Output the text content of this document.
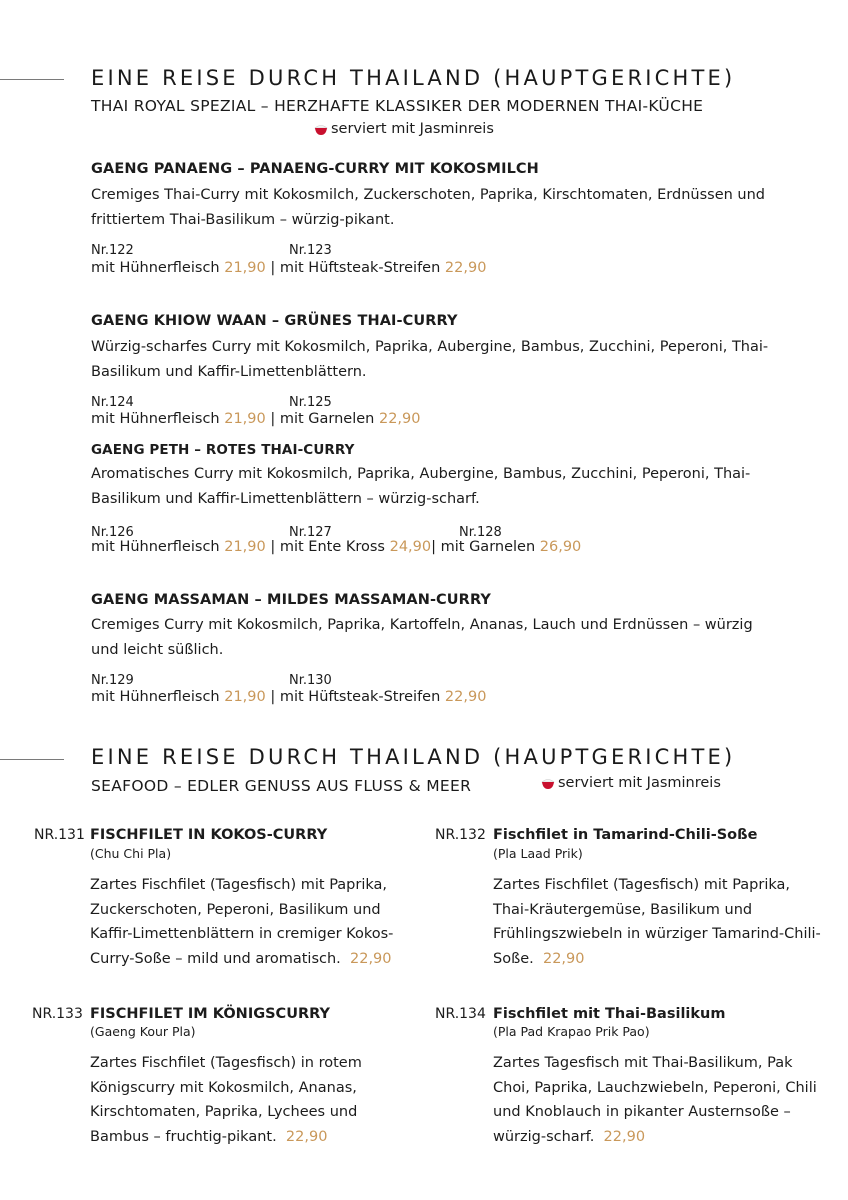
EINE REISE DURCH THAILAND (HAUPTGERICHTE)
THAI ROYAL SPEZIAL – HERZHAFTE KLASSIKER DER MODERNEN THAI-KÜCHE
serviert mit Jasminreis
GAENG PANAENG – PANAENG-CURRY MIT KOKOSMILCH
Cremiges Thai-Curry mit Kokosmilch, Zuckerschoten, Paprika, Kirschtomaten, Erdnüssen und frittiertem Thai-Basilikum – würzig-pikant.
Nr.122	Nr.123
mit Hühnerfleisch 21,90 | mit Hüftsteak-Streifen 22,90
GAENG KHIOW WAAN – GRÜNES THAI-CURRY
Würzig-scharfes Curry mit Kokosmilch, Paprika, Aubergine, Bambus, Zucchini, Peperoni, Thai-Basilikum und Kaffir-Limettenblättern.
Nr.124	Nr.125
mit Hühnerfleisch 21,90 | mit Garnelen 22,90
GAENG PETH – ROTES THAI-CURRY
Aromatisches Curry mit Kokosmilch, Paprika, Aubergine, Bambus, Zucchini, Peperoni, Thai-Basilikum und Kaffir-Limettenblättern – würzig-scharf.
Nr.126	Nr.127	Nr.128
mit Hühnerfleisch 21,90 | mit Ente Kross 24,90| mit Garnelen 26,90
GAENG MASSAMAN – MILDES MASSAMAN-CURRY
Cremiges Curry mit Kokosmilch, Paprika, Kartoffeln, Ananas, Lauch und Erdnüssen – würzig und leicht süßlich.
Nr.129	Nr.130
mit Hühnerfleisch 21,90 | mit Hüftsteak-Streifen 22,90
EINE REISE DURCH THAILAND (HAUPTGERICHTE)
SEAFOOD – EDLER GENUSS AUS FLUSS & MEER	serviert mit Jasminreis
NR.131 FISCHFILET IN KOKOS-CURRY
(Chu Chi Pla)
Zartes Fischfilet (Tagesfisch) mit Paprika, Zuckerschoten, Peperoni, Basilikum und Kaffir-Limettenblättern in cremiger Kokos-Curry-Soße – mild und aromatisch. 22,90
NR.132 Fischfilet in Tamarind-Chili-Soße
(Pla Laad Prik)
Zartes Fischfilet (Tagesfisch) mit Paprika, Thai-Kräutergemüse, Basilikum und Frühlingszwiebeln in würziger Tamarind-Chili-Soße. 22,90
NR.133 FISCHFILET IM KÖNIGSCURRY
(Gaeng Kour Pla)
Zartes Fischfilet (Tagesfisch) in rotem Königscurry mit Kokosmilch, Ananas, Kirschtomaten, Paprika, Lychees und Bambus – fruchtig-pikant. 22,90
NR.134 Fischfilet mit Thai-Basilikum
(Pla Pad Krapao Prik Pao)
Zartes Tagesfisch mit Thai-Basilikum, Pak Choi, Paprika, Lauchzwiebeln, Peperoni, Chili und Knoblauch in pikanter Austernsoße – würzig-scharf. 22,90
